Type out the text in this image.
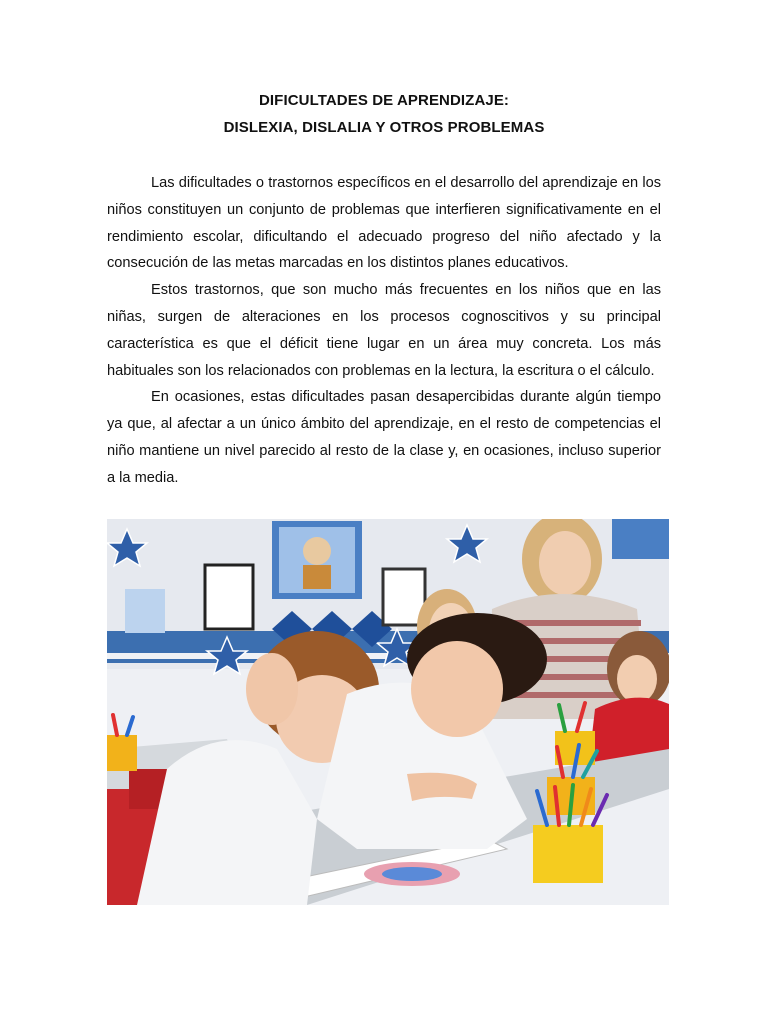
DIFICULTADES DE APRENDIZAJE:
DISLEXIA, DISLALIA Y OTROS PROBLEMAS

Las dificultades o trastornos específicos en el desarrollo del aprendizaje en los niños constituyen un conjunto de problemas que interfieren significativamente en el rendimiento escolar, dificultando el adecuado progreso del niño afectado y la consecución de las metas marcadas en los distintos planes educativos.

Estos trastornos, que son mucho más frecuentes en los niños que en las niñas, surgen de alteraciones en los procesos cognoscitivos y su principal característica es que el déficit tiene lugar en un área muy concreta. Los más habituales son los relacionados con problemas en la lectura, la escritura o el cálculo.

En ocasiones, estas dificultades pasan desapercibidas durante algún tiempo ya que, al afectar a un único ámbito del aprendizaje, en el resto de competencias el niño mantiene un nivel parecido al resto de la clase y, en ocasiones, incluso superior a la media.
